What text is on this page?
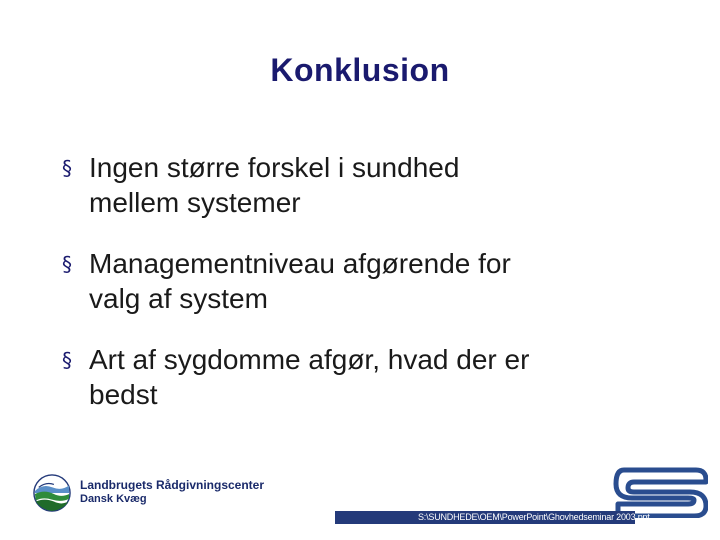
Konklusion
§ Ingen større forskel i sundhed
mellem systemer
§ Managementniveau afgørende for
valg af system
§ Art af sygdomme afgør, hvad der er
bedst
Landbrugets Rådgivningscenter
Dansk Kvæg
S:\SUNDHEDE\OEM\PowerPoint\Ghovhedseminar 2003.ppt
